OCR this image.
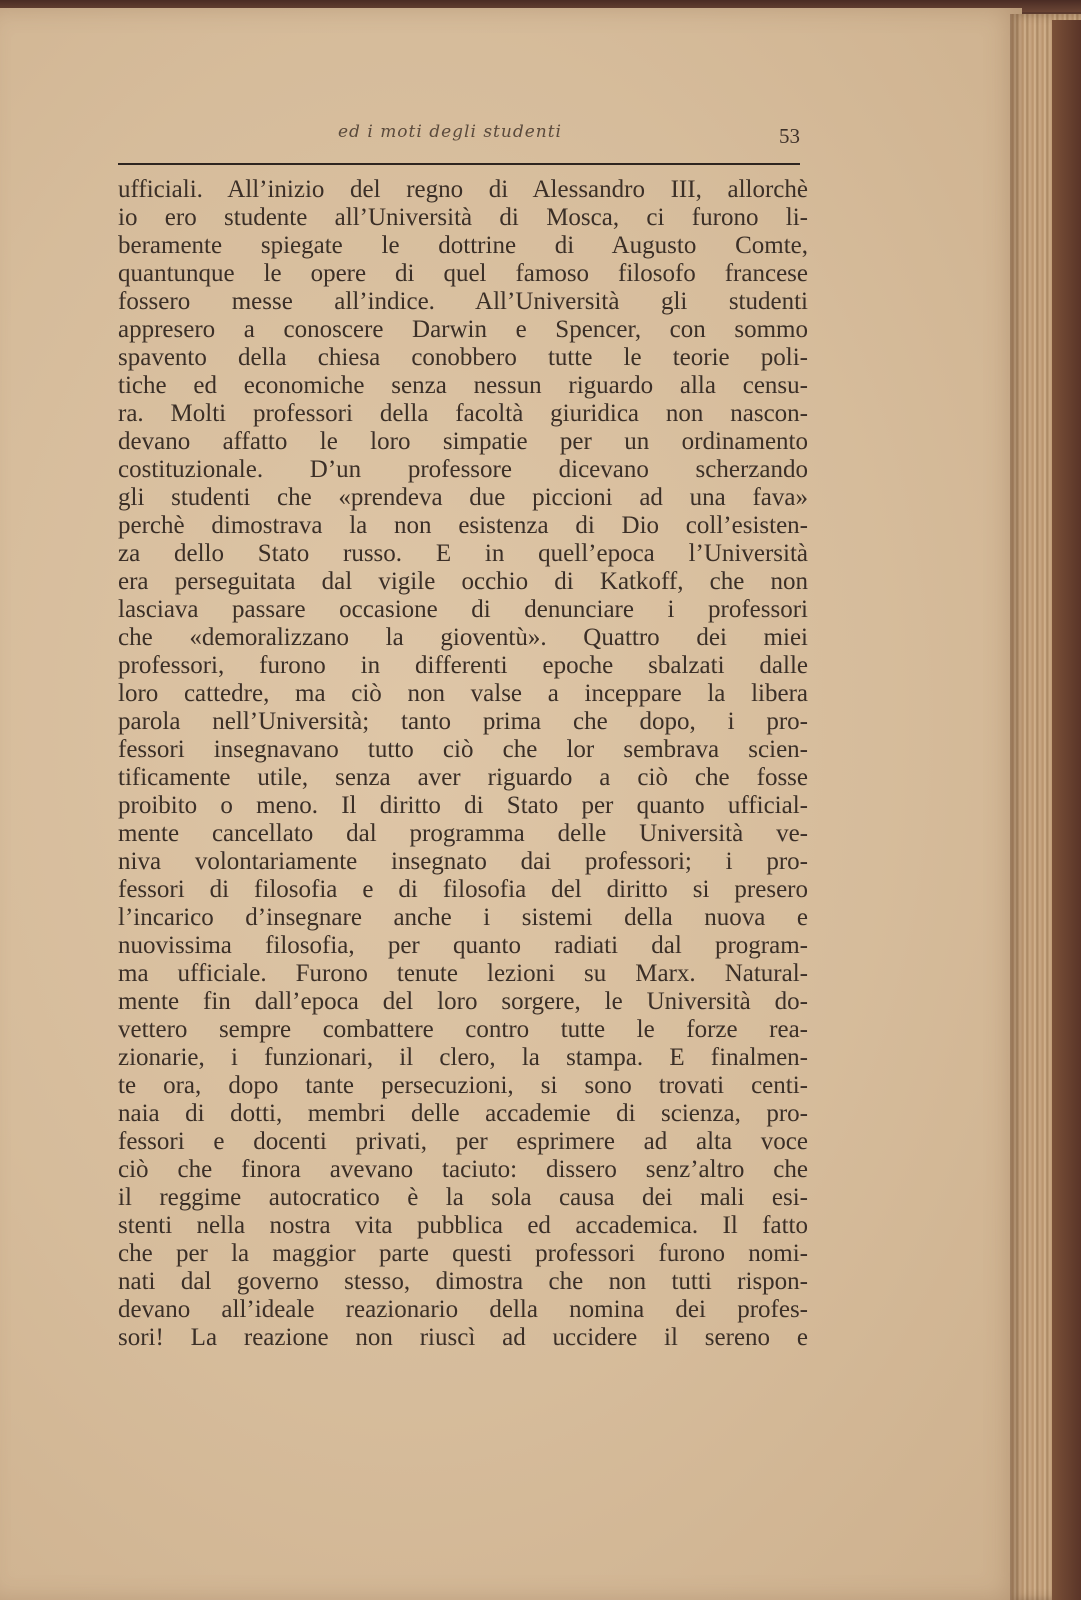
ed i moti degli studenti	53
ufficiali. All’inizio del regno di Alessandro III, allorchè
io ero studente all’Università di Mosca, ci furono li-
beramente spiegate le dottrine di Augusto Comte,
quantunque le opere di quel famoso filosofo francese
fossero messe all’indice. All’Università gli studenti
appresero a conoscere Darwin e Spencer, con sommo
spavento della chiesa conobbero tutte le teorie poli-
tiche ed economiche senza nessun riguardo alla censu-
ra. Molti professori della facoltà giuridica non nascon-
devano affatto le loro simpatie per un ordinamento
costituzionale. D’un professore dicevano scherzando
gli studenti che «prendeva due piccioni ad una fava»
perchè dimostrava la non esistenza di Dio coll’esisten-
za dello Stato russo. E in quell’epoca l’Università
era perseguitata dal vigile occhio di Katkoff, che non
lasciava passare occasione di denunciare i professori
che «demoralizzano la gioventù». Quattro dei miei
professori, furono in differenti epoche sbalzati dalle
loro cattedre, ma ciò non valse a inceppare la libera
parola nell’Università; tanto prima che dopo, i pro-
fessori insegnavano tutto ciò che lor sembrava scien-
tificamente utile, senza aver riguardo a ciò che fosse
proibito o meno. Il diritto di Stato per quanto ufficial-
mente cancellato dal programma delle Università ve-
niva volontariamente insegnato dai professori; i pro-
fessori di filosofia e di filosofia del diritto si presero
l’incarico d’insegnare anche i sistemi della nuova e
nuovissima filosofia, per quanto radiati dal program-
ma ufficiale. Furono tenute lezioni su Marx. Natural-
mente fin dall’epoca del loro sorgere, le Università do-
vettero sempre combattere contro tutte le forze rea-
zionarie, i funzionari, il clero, la stampa. E finalmen-
te ora, dopo tante persecuzioni, si sono trovati centi-
naia di dotti, membri delle accademie di scienza, pro-
fessori e docenti privati, per esprimere ad alta voce
ciò che finora avevano taciuto: dissero senz’altro che
il reggime autocratico è la sola causa dei mali esi-
stenti nella nostra vita pubblica ed accademica. Il fatto
che per la maggior parte questi professori furono nomi-
nati dal governo stesso, dimostra che non tutti rispon-
devano all’ideale reazionario della nomina dei profes-
sori! La reazione non riuscì ad uccidere il sereno e
